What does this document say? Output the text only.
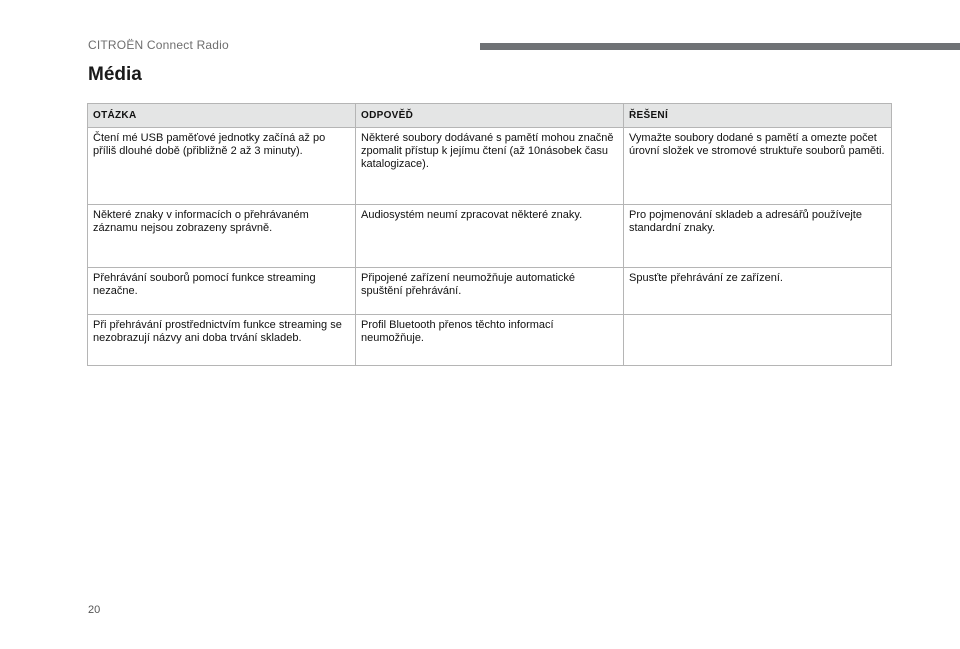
CITROËN Connect Radio
Média
OTÁZKA	ODPOVĚĎ	ŘEŠENÍ
Čtení mé USB paměťové jednotky začíná až po příliš dlouhé době (přibližně 2 až 3 minuty).	Některé soubory dodávané s pamětí mohou značně zpomalit přístup k jejímu čtení (až 10násobek času katalogizace).	Vymažte soubory dodané s pamětí a omezte počet úrovní složek ve stromové struktuře souborů paměti.
Některé znaky v informacích o přehrávaném záznamu nejsou zobrazeny správně.	Audiosystém neumí zpracovat některé znaky.	Pro pojmenování skladeb a adresářů používejte standardní znaky.
Přehrávání souborů pomocí funkce streaming nezačne.	Připojené zařízení neumožňuje automatické spuštění přehrávání.	Spusťte přehrávání ze zařízení.
Při přehrávání prostřednictvím funkce streaming se nezobrazují názvy ani doba trvání skladeb.	Profil Bluetooth přenos těchto informací neumožňuje.	
20
